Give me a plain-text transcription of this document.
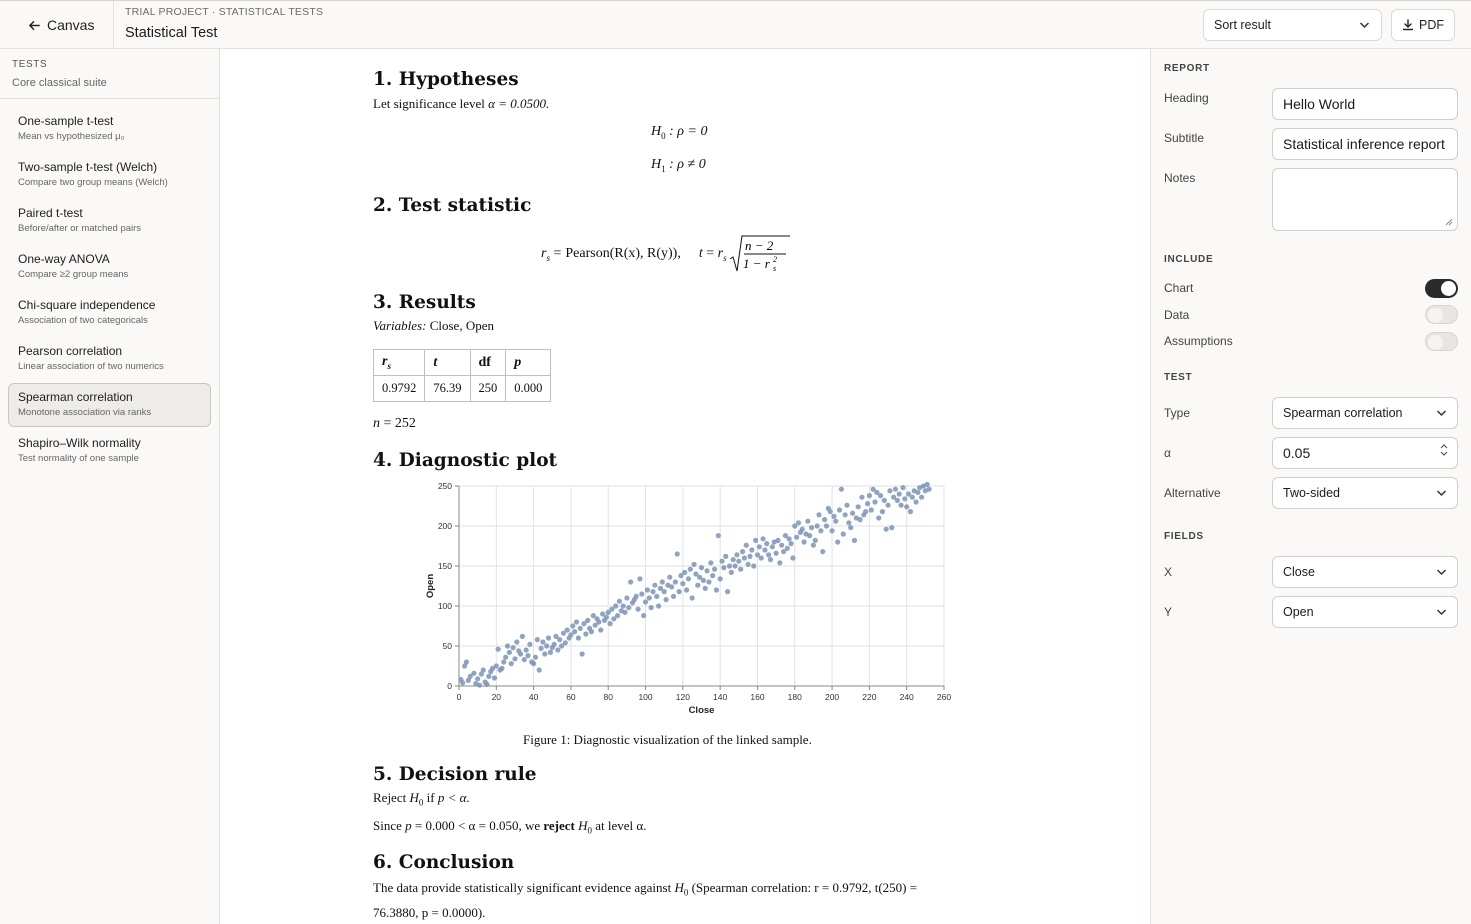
Canvas
TRIAL PROJECT · STATISTICAL TESTS
Statistical Test	Sort result	PDF
TESTS
Core classical suite
One-sample t-test
Mean vs hypothesized μ₀
Two-sample t-test (Welch)
Compare two group means (Welch)
Paired t-test
Before/after or matched pairs
One-way ANOVA
Compare ≥2 group means
Chi-square independence
Association of two categoricals
Pearson correlation
Linear association of two numerics
Spearman correlation
Monotone association via ranks
Shapiro–Wilk normality
Test normality of one sample
1. Hypotheses
Let significance level α = 0.0500.
$H_0$ : ρ = 0
$H_1$ : ρ ≠ 0
2. Test statistic
$r_s$ = Pearson(R(x), R(y)), $t = r_s$
n − 2
1 − r 2
s
3. Results
Variables: Close, Open
$r_s$	t	df	p
0.9792	76.39	250	0.000
n = 252
4. Diagnostic plot
0	20	40	60	80	100	120	140	160	180	200	220	240	260
0
50
100
150
200
250
Close
Open
Figure 1: Diagnostic visualization of the linked sample.
5. Decision rule
Reject $H_0$ if p < α.
Since p = 0.000 < α = 0.050, we reject $H_0$ at level α.
6. Conclusion
The data provide statistically significant evidence against $H_0$ (Spearman correlation: r = 0.9792, t(250) =
76.3880, p = 0.0000).
REPORT
Heading	Hello World
Subtitle	Statistical inference report
Notes
INCLUDE
Chart
Data
Assumptions
TEST
Type	Spearman correlation
α	0.05
Alternative	Two-sided
FIELDS
X	Close
Y	Open
